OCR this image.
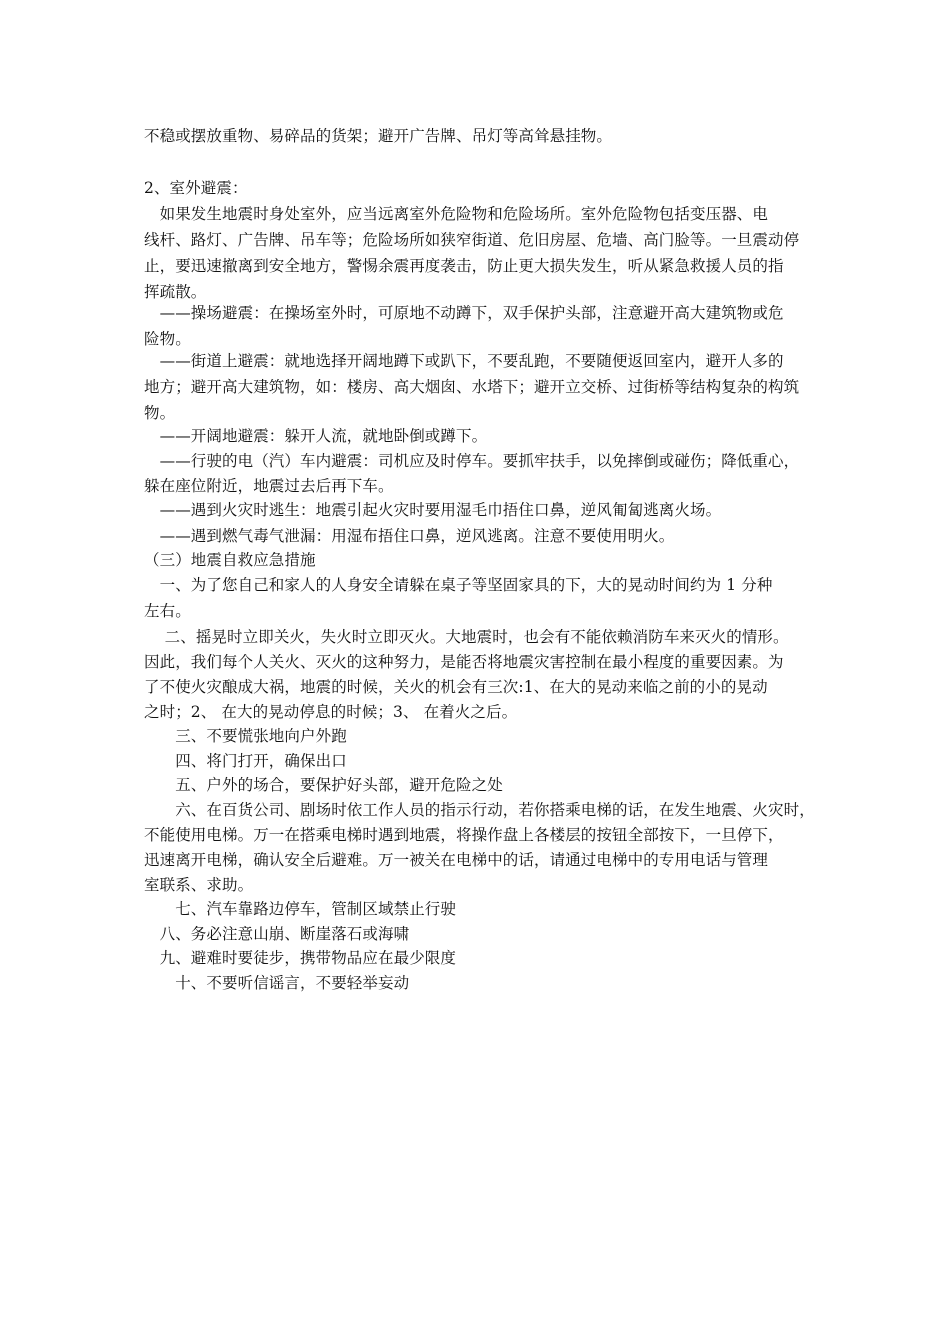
不稳或摆放重物、易碎品的货架；避开广告牌、吊灯等高耸悬挂物。
2、室外避震：
　如果发生地震时身处室外，应当远离室外危险物和危险场所。室外危险物包括变压器、电
线杆、路灯、广告牌、吊车等；危险场所如狭窄街道、危旧房屋、危墙、高门脸等。一旦震动停
止，要迅速撤离到安全地方，警惕余震再度袭击，防止更大损失发生，听从紧急救援人员的指
挥疏散。
　——操场避震：在操场室外时，可原地不动蹲下，双手保护头部，注意避开高大建筑物或危
险物。
　——街道上避震：就地选择开阔地蹲下或趴下，不要乱跑，不要随便返回室内，避开人多的
地方；避开高大建筑物，如：楼房、高大烟囱、水塔下；避开立交桥、过街桥等结构复杂的构筑
物。
　——开阔地避震：躲开人流，就地卧倒或蹲下。
　——行驶的电（汽）车内避震：司机应及时停车。要抓牢扶手，以免摔倒或碰伤；降低重心，
躲在座位附近，地震过去后再下车。
　——遇到火灾时逃生：地震引起火灾时要用湿毛巾捂住口鼻，逆风匍匐逃离火场。
　——遇到燃气毒气泄漏：用湿布捂住口鼻，逆风逃离。注意不要使用明火。
（三）地震自救应急措施
　一、为了您自己和家人的人身安全请躲在桌子等坚固家具的下，大的晃动时间约为 1 分种
左右。
　 二、摇晃时立即关火，失火时立即灭火。大地震时，也会有不能依赖消防车来灭火的情形。
因此，我们每个人关火、灭火的这种努力，是能否将地震灾害控制在最小程度的重要因素。为
了不使火灾酿成大祸，地震的时候，关火的机会有三次:1、在大的晃动来临之前的小的晃动
之时；2、 在大的晃动停息的时候；3、 在着火之后。
　　三、不要慌张地向户外跑
　　四、将门打开，确保出口
　　五、户外的场合，要保护好头部，避开危险之处
　　六、在百货公司、剧场时依工作人员的指示行动，若你搭乘电梯的话，在发生地震、火灾时，
不能使用电梯。万一在搭乘电梯时遇到地震，将操作盘上各楼层的按钮全部按下，一旦停下，
迅速离开电梯，确认安全后避难。万一被关在电梯中的话，请通过电梯中的专用电话与管理
室联系、求助。
　　七、汽车靠路边停车，管制区域禁止行驶
　八、务必注意山崩、断崖落石或海啸
　九、避难时要徒步，携带物品应在最少限度
　　十、不要听信谣言，不要轻举妄动
